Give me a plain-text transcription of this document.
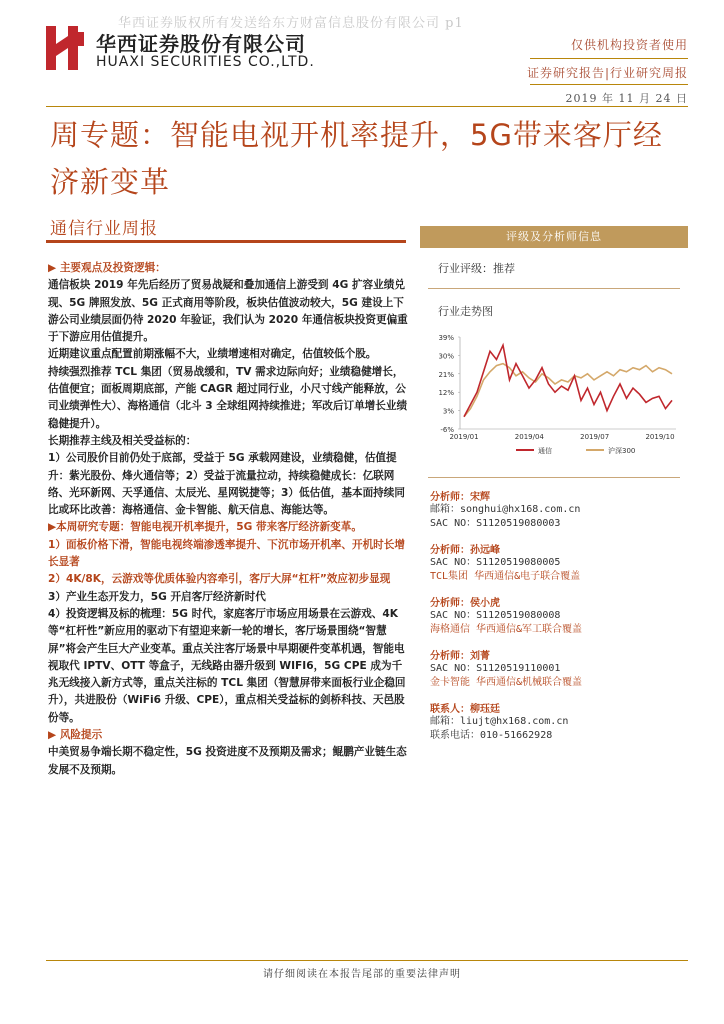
华西证券版权所有发送给东方财富信息股份有限公司 p1
华西证券股份有限公司
HUAXI SECURITIES CO.,LTD.
仅供机构投资者使用
证券研究报告|行业研究周报
2019 年 11 月 24 日
周专题：智能电视开机率提升，5G带来客厅经济新变革
通信行业周报

▶ 主要观点及投资逻辑：

通信板块 2019 年先后经历了贸易战疑和叠加通信上游受到 4G 扩容业绩兑现、5G 牌照发放、5G 正式商用等阶段，板块估值波动较大，5G 建设上下游公司业绩层面仍待 2020 年验证，我们认为 2020 年通信板块投资更偏重于下游应用估值提升。

近期建议重点配置前期涨幅不大，业绩增速相对确定，估值较低个股。

持续强烈推荐 TCL 集团（贸易战缓和，TV 需求边际向好；业绩稳健增长，估值便宜；面板周期底部，产能 CAGR 超过同行业，小尺寸线产能释放，公司业绩弹性大）、海格通信（北斗 3 全球组网持续推进；军改后订单增长业绩稳健提升）。

长期推荐主线及相关受益标的：

1）公司股价目前仍处于底部，受益于 5G 承载网建设，业绩稳健，估值提升：紫光股份、烽火通信等；2）受益于流量拉动，持续稳健成长：亿联网络、光环新网、天孚通信、太辰光、星网锐捷等；3）低估值，基本面持续同比或环比改善：海格通信、金卡智能、航天信息、海能达等。

▶本周研究专题：智能电视开机率提升，5G 带来客厅经济新变革。

1）面板价格下滑，智能电视终端渗透率提升、下沉市场开机率、开机时长增长显著

2）4K/8K，云游戏等优质体验内容牵引，客厅大屏“杠杆”效应初步显现

3）产业生态开发力，5G 开启客厅经济新时代

4）投资逻辑及标的梳理：5G 时代，家庭客厅市场应用场景在云游戏、4K 等“杠杆性”新应用的驱动下有望迎来新一轮的增长，客厅场景围绕“智慧屏”将会产生巨大产业变革。重点关注客厅场景中早期硬件变革机遇，智能电视取代 IPTV、OTT 等盒子，无线路由器升级到 WIFI6，5G CPE 成为千兆无线接入新方式等，重点关注标的 TCL 集团（智慧屏带来面板行业企稳回升），共进股份（WiFi6 升级、CPE），重点相关受益标的剑桥科技、天邑股份等。

▶ 风险提示

中美贸易争端长期不稳定性，5G 投资进度不及预期及需求；鲲鹏产业链生态发展不及预期。

评级及分析师信息
行业评级：推荐
行业走势图
39%
30%
21%
12%
3%
-6%
2019/01	2019/04	2019/07	2019/10
通信	沪深300
分析师：宋辉
邮箱：songhui@hx168.com.cn
SAC NO：S1120519080003
分析师：孙远峰
SAC NO：S1120519080005
TCL集团 华西通信&电子联合覆盖
分析师：侯小虎
SAC NO：S1120519080008
海格通信 华西通信&军工联合覆盖
分析师：刘菁
SAC NO：S1120519110001
金卡智能 华西通信&机械联合覆盖
联系人：柳珏廷
邮箱：liujt@hx168.com.cn
联系电话：010-51662928
请仔细阅读在本报告尾部的重要法律声明
